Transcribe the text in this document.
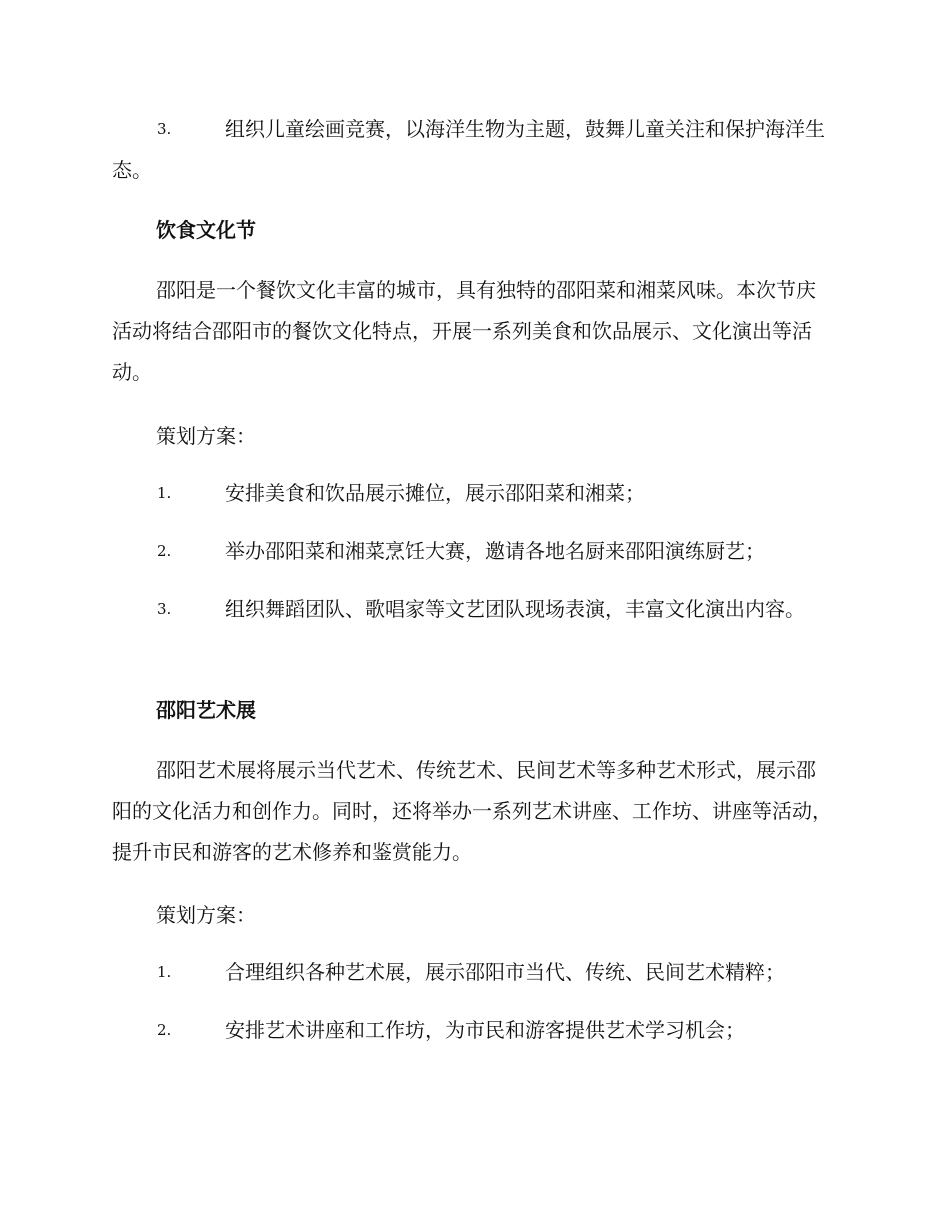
3.	组织儿童绘画竞赛，以海洋生物为主题，鼓舞儿童关注和保护海洋生态。

饮食文化节

邵阳是一个餐饮文化丰富的城市，具有独特的邵阳菜和湘菜风味。本次节庆活动将结合邵阳市的餐饮文化特点，开展一系列美食和饮品展示、文化演出等活动。

策划方案：
1.	安排美食和饮品展示摊位，展示邵阳菜和湘菜；

2.	举办邵阳菜和湘菜烹饪大赛，邀请各地名厨来邵阳演练厨艺；

3.	组织舞蹈团队、歌唱家等文艺团队现场表演，丰富文化演出内容。

邵阳艺术展

邵阳艺术展将展示当代艺术、传统艺术、民间艺术等多种艺术形式，展示邵阳的文化活力和创作力。同时，还将举办一系列艺术讲座、工作坊、讲座等活动，提升市民和游客的艺术修养和鉴赏能力。

策划方案：
1.	合理组织各种艺术展，展示邵阳市当代、传统、民间艺术精粹；

2.	安排艺术讲座和工作坊，为市民和游客提供艺术学习机会；
